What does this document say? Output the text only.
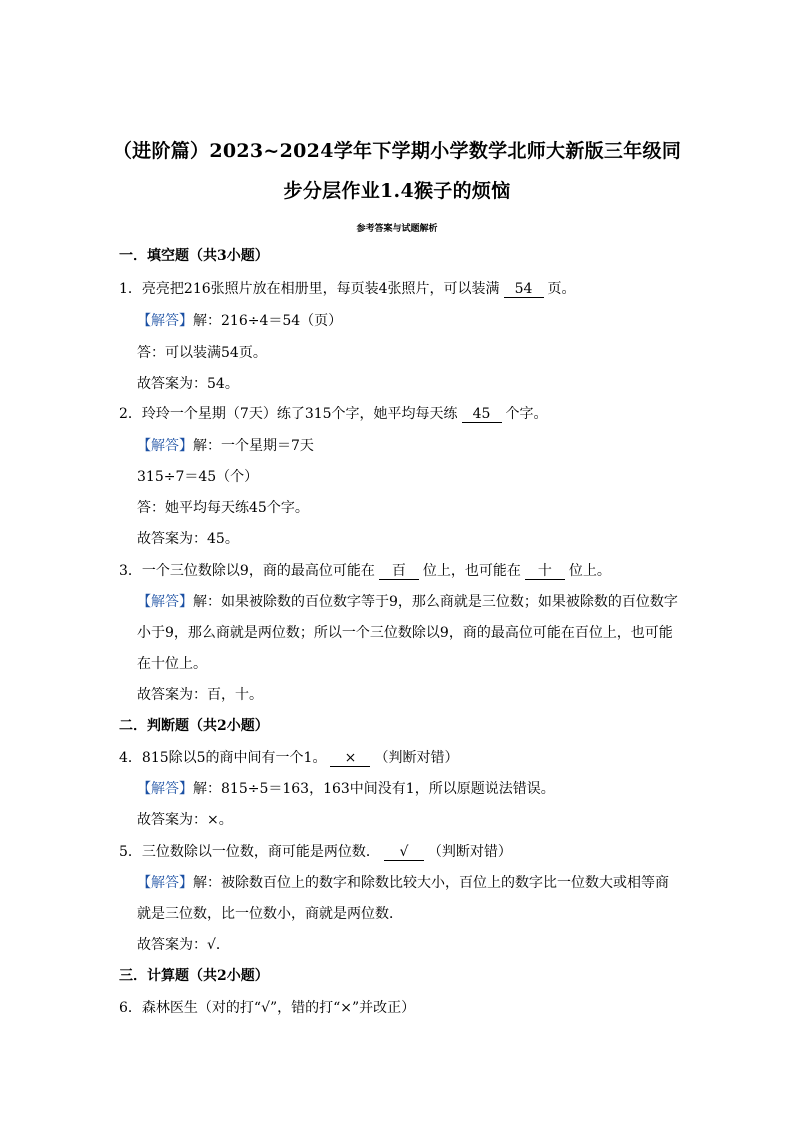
（进阶篇）2023~2024学年下学期小学数学北师大新版三年级同
步分层作业1.4猴子的烦恼
参考答案与试题解析
一．填空题（共3小题）
1．亮亮把216张照片放在相册里，每页装4张照片，可以装满 54 页。
【解答】解：216÷4＝54（页）
答：可以装满54页。
故答案为：54。
2．玲玲一个星期（7天）练了315个字，她平均每天练 45 个字。
【解答】解：一个星期＝7天
315÷7＝45（个）
答：她平均每天练45个字。
故答案为：45。
3．一个三位数除以9，商的最高位可能在 百 位上，也可能在 十 位上。
【解答】解：如果被除数的百位数字等于9，那么商就是三位数；如果被除数的百位数字
小于9，那么商就是两位数；所以一个三位数除以9，商的最高位可能在百位上，也可能
在十位上。
故答案为：百，十。
二．判断题（共2小题）
4．815除以5的商中间有一个1。 × （判断对错）
【解答】解：815÷5＝163，163中间没有1，所以原题说法错误。
故答案为：×。
5．三位数除以一位数，商可能是两位数． √ （判断对错）
【解答】解：被除数百位上的数字和除数比较大小，百位上的数字比一位数大或相等商
就是三位数，比一位数小，商就是两位数．
故答案为：√．
三．计算题（共2小题）
6．森林医生（对的打“√”，错的打“×”并改正）
